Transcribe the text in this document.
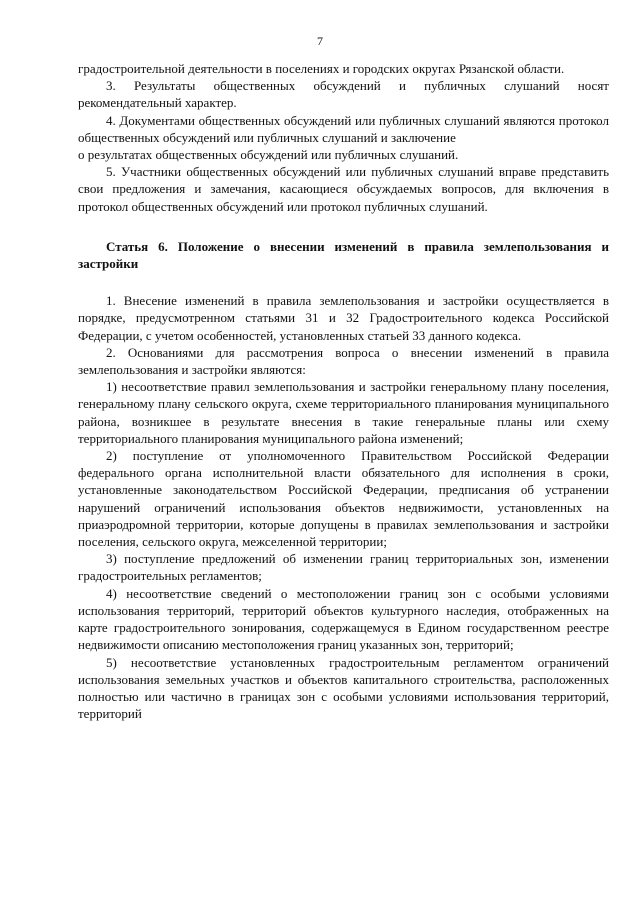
7

градостроительной деятельности в поселениях и городских округах Рязанской области.

3. Результаты общественных обсуждений и публичных слушаний носят рекомендательный характер.

4. Документами общественных обсуждений или публичных слушаний являются протокол общественных обсуждений или публичных слушаний и заключение

о результатах общественных обсуждений или публичных слушаний.

5. Участники общественных обсуждений или публичных слушаний вправе представить свои предложения и замечания, касающиеся обсуждаемых вопросов, для включения в протокол общественных обсуждений или протокол публичных слушаний.

Статья 6. Положение о внесении изменений в правила землепользования и застройки

1. Внесение изменений в правила землепользования и застройки осуществляется в порядке, предусмотренном статьями 31 и 32 Градостроительного кодекса Российской Федерации, с учетом особенностей, установленных статьей 33 данного кодекса.

2. Основаниями для рассмотрения вопроса о внесении изменений в правила землепользования и застройки являются:

1) несоответствие правил землепользования и застройки генеральному плану поселения, генеральному плану сельского округа, схеме территориального планирования муниципального района, возникшее в результате внесения в такие генеральные планы или схему территориального планирования муниципального района изменений;

2) поступление от уполномоченного Правительством Российской Федерации федерального органа исполнительной власти обязательного для исполнения в сроки, установленные законодательством Российской Федерации, предписания об устранении нарушений ограничений использования объектов недвижимости, установленных на приаэродромной территории, которые допущены в правилах землепользования и застройки поселения, сельского округа, межселенной территории;

3) поступление предложений об изменении границ территориальных зон, изменении градостроительных регламентов;

4) несоответствие сведений о местоположении границ зон с особыми условиями использования территорий, территорий объектов культурного наследия, отображенных на карте градостроительного зонирования, содержащемуся в Едином государственном реестре недвижимости описанию местоположения границ указанных зон, территорий;

5) несоответствие установленных градостроительным регламентом ограничений использования земельных участков и объектов капитального строительства, расположенных полностью или частично в границах зон с особыми условиями использования территорий, территорий
